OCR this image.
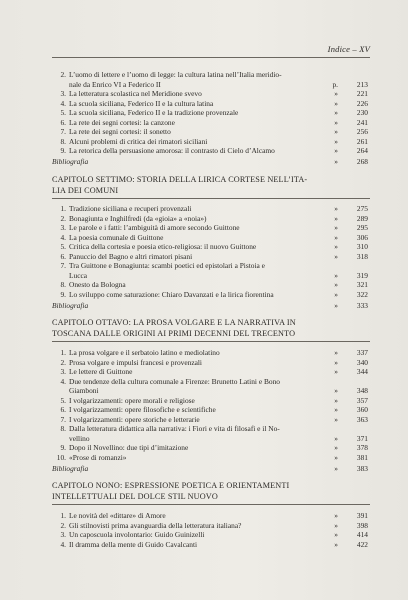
Indice – XV
2. L’uomo di lettere e l’uomo di legge: la cultura latina nell’Italia meridio-
nale da Enrico VI a Federico II	p.	213
3. La letteratura scolastica nel Meridione svevo	»	221
4. La scuola siciliana, Federico II e la cultura latina	»	226
5. La scuola siciliana, Federico II e la tradizione provenzale	»	230
6. La rete dei segni cortesi: la canzone	»	241
7. La rete dei segni cortesi: il sonetto	»	256
8. Alcuni problemi di critica dei rimatori siciliani	»	261
9. La retorica della persuasione amorosa: il contrasto di Cielo d’Alcamo	»	264
Bibliografia	»	268
CAPITOLO SETTIMO: STORIA DELLA LIRICA CORTESE NELL’ITA-
LIA DEI COMUNI
1. Tradizione siciliana e recuperi provenzali	»	275
2. Bonagiunta e Inghilfredi (da «gioia» a «noia»)	»	289
3. Le parole e i fatti: l’ambiguità di amore secondo Guittone	»	295
4. La poesia comunale di Guittone	»	306
5. Critica della cortesia e poesia etico-religiosa: il nuovo Guittone	»	310
6. Panuccio del Bagno e altri rimatori pisani	»	318
7. Tra Guittone e Bonagiunta: scambi poetici ed epistolari a Pistoia e
Lucca	»	319
8. Onesto da Bologna	»	321
9. Lo sviluppo come saturazione: Chiaro Davanzati e la lirica fiorentina	»	322
Bibliografia	»	333
CAPITOLO OTTAVO: LA PROSA VOLGARE E LA NARRATIVA IN
TOSCANA DALLE ORIGINI AI PRIMI DECENNI DEL TRECENTO
1. La prosa volgare e il serbatoio latino e mediolatino	»	337
2. Prosa volgare e impulsi francesi e provenzali	»	340
3. Le lettere di Guittone	»	344
4. Due tendenze della cultura comunale a Firenze: Brunetto Latini e Bono
Giamboni	»	348
5. I volgarizzamenti: opere morali e religiose	»	357
6. I volgarizzamenti: opere filosofiche e scientifiche	»	360
7. I volgarizzamenti: opere storiche e letterarie	»	363
8. Dalla letteratura didattica alla narrativa: i Fiori e vita di filosafi e il No-
vellino	»	371
9. Dopo il Novellino: due tipi d’imitazione	»	378
10. «Prose di romanzi»	»	381
Bibliografia	»	383
CAPITOLO NONO: ESPRESSIONE POETICA E ORIENTAMENTI
INTELLETTUALI DEL DOLCE STIL NUOVO
1. Le novità del «dittare» di Amore	»	391
2. Gli stilnovisti prima avanguardia della letteratura italiana?	»	398
3. Un caposcuola involontario: Guido Guinizelli	»	414
4. Il dramma della mente di Guido Cavalcanti	»	422
